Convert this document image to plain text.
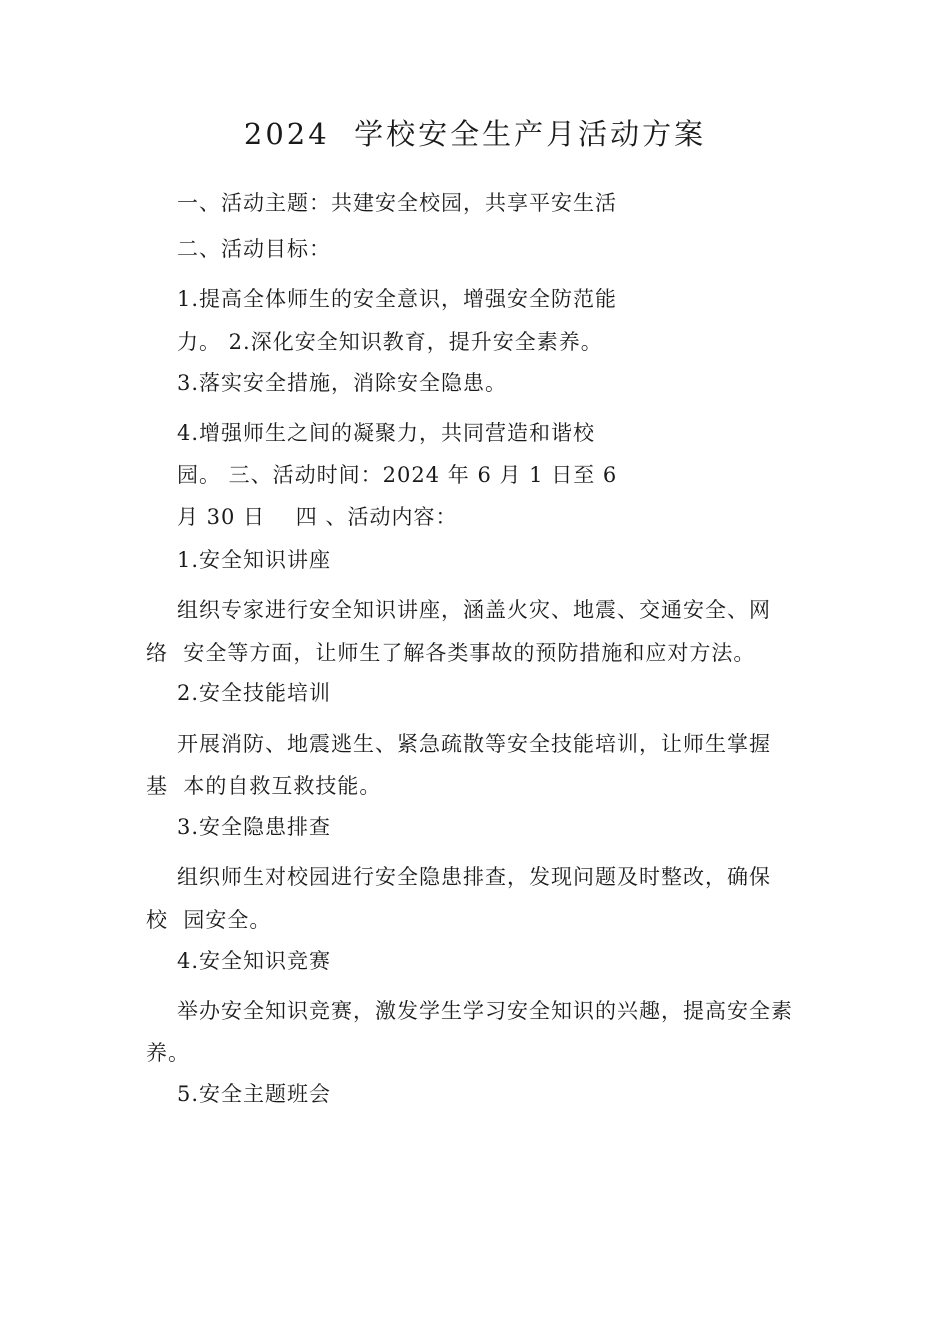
2024  学校安全生产月活动方案
一、活动主题：共建安全校园，共享平安生活
二、活动目标：
1.提高全体师生的安全意识，增强安全防范能
力。 2.深化安全知识教育，提升安全素养。
3.落实安全措施，消除安全隐患。
4.增强师生之间的凝聚力，共同营造和谐校
园。 三、活动时间：2024 年 6 月 1 日至 6
月 30 日    四 、活动内容：
1.安全知识讲座
组织专家进行安全知识讲座，涵盖火灾、地震、交通安全、网
络  安全等方面，让师生了解各类事故的预防措施和应对方法。
2.安全技能培训
开展消防、地震逃生、紧急疏散等安全技能培训，让师生掌握
基  本的自救互救技能。
3.安全隐患排查
组织师生对校园进行安全隐患排查，发现问题及时整改，确保
校  园安全。
4.安全知识竞赛
举办安全知识竞赛，激发学生学习安全知识的兴趣，提高安全素
养。
5.安全主题班会
